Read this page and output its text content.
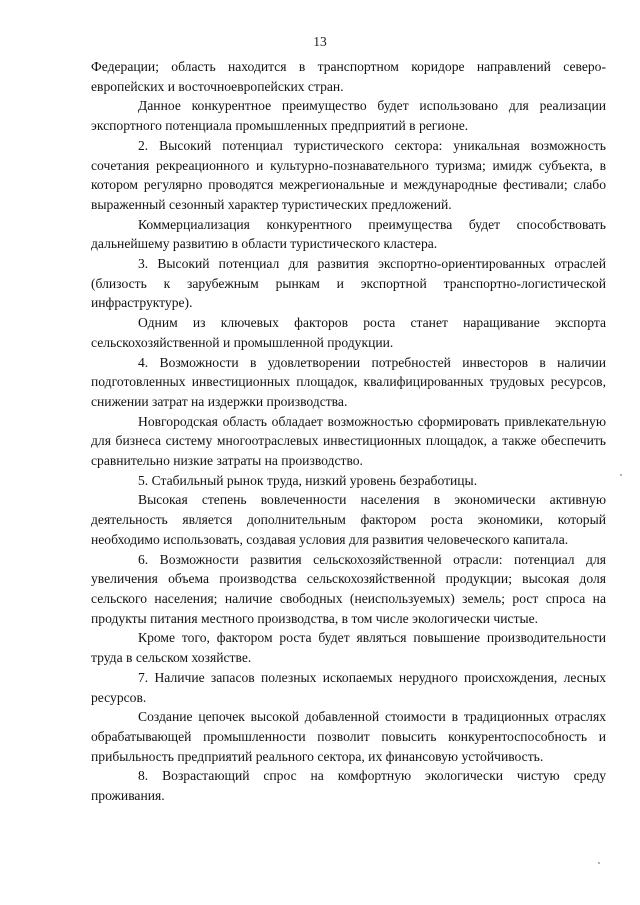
13

Федерации; область находится в транспортном коридоре направлений северо-европейских и восточноевропейских стран.

Данное конкурентное преимущество будет использовано для реализации экспортного потенциала промышленных предприятий в регионе.

2. Высокий потенциал туристического сектора: уникальная возможность сочетания рекреационного и культурно-познавательного туризма; имидж субъекта, в котором регулярно проводятся межрегиональные и международные фестивали; слабо выраженный сезонный характер туристических предложений.

Коммерциализация конкурентного преимущества будет способствовать дальнейшему развитию в области туристического кластера.

3. Высокий потенциал для развития экспортно-ориентированных отраслей (близость к зарубежным рынкам и экспортной транспортно-логистической инфраструктуре).

Одним из ключевых факторов роста станет наращивание экспорта сельскохозяйственной и промышленной продукции.

4. Возможности в удовлетворении потребностей инвесторов в наличии подготовленных инвестиционных площадок, квалифицированных трудовых ресурсов, снижении затрат на издержки производства.

Новгородская область обладает возможностью сформировать привлекательную для бизнеса систему многоотраслевых инвестиционных площадок, а также обеспечить сравнительно низкие затраты на производство.

5. Стабильный рынок труда, низкий уровень безработицы.

Высокая степень вовлеченности населения в экономически активную деятельность является дополнительным фактором роста экономики, который необходимо использовать, создавая условия для развития человеческого капитала.

6. Возможности развития сельскохозяйственной отрасли: потенциал для увеличения объема производства сельскохозяйственной продукции; высокая доля сельского населения; наличие свободных (неиспользуемых) земель; рост спроса на продукты питания местного производства, в том числе экологически чистые.

Кроме того, фактором роста будет являться повышение производительности труда в сельском хозяйстве.

7. Наличие запасов полезных ископаемых нерудного происхождения, лесных ресурсов.

Создание цепочек высокой добавленной стоимости в традиционных отраслях обрабатывающей промышленности позволит повысить конкурентоспособность и прибыльность предприятий реального сектора, их финансовую устойчивость.

8. Возрастающий спрос на комфортную экологически чистую среду проживания.
